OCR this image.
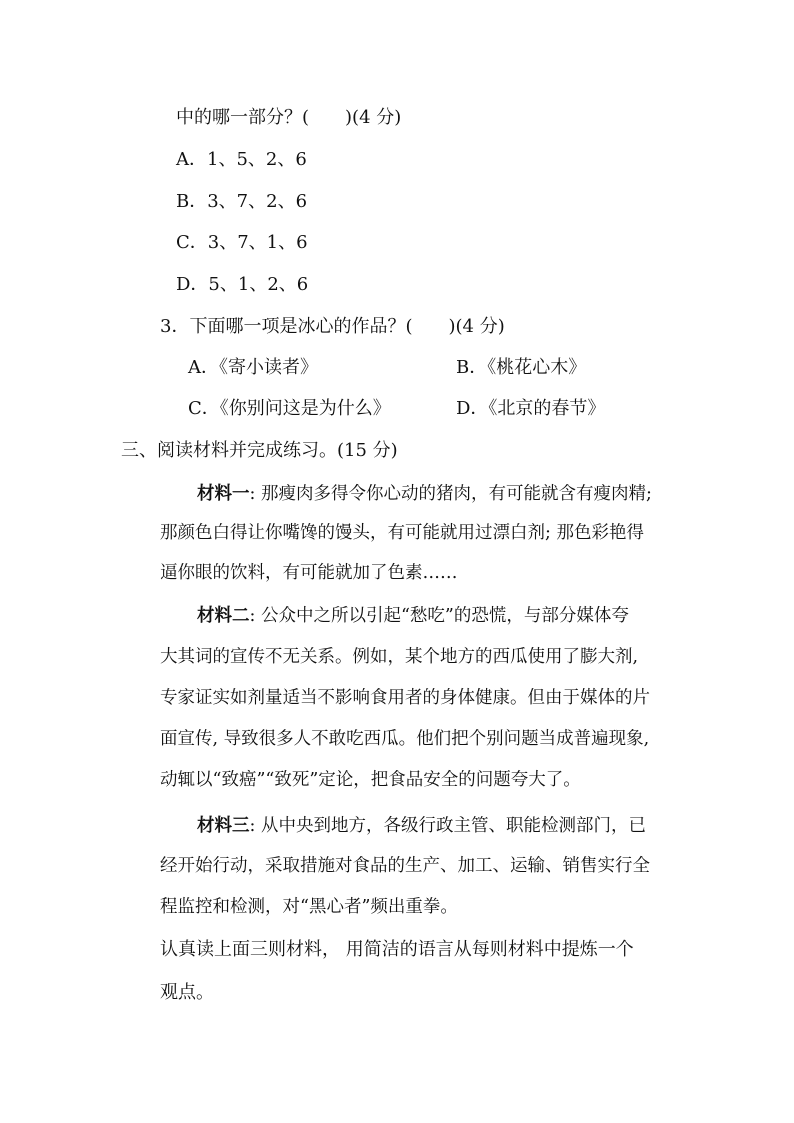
中的哪一部分？(　　)(4 分)
A．1、5、2、6
B．3、7、2、6
C．3、7、1、6
D．5、1、2、6
3．下面哪一项是冰心的作品？(　　)(4 分)
A．《寄小读者》	B．《桃花心木》
C．《你别问这是为什么》	D．《北京的春节》
三、阅读材料并完成练习。(15 分)
材料一: 那瘦肉多得令你心动的猪肉，有可能就含有瘦肉精;
那颜色白得让你嘴馋的馒头，有可能就用过漂白剂; 那色彩艳得
逼你眼的饮料，有可能就加了色素……
材料二: 公众中之所以引起“愁吃”的恐慌，与部分媒体夸
大其词的宣传不无关系。例如，某个地方的西瓜使用了膨大剂,
专家证实如剂量适当不影响食用者的身体健康。但由于媒体的片
面宣传, 导致很多人不敢吃西瓜。他们把个别问题当成普遍现象,
动辄以“致癌”“致死”定论，把食品安全的问题夸大了。
材料三: 从中央到地方，各级行政主管、职能检测部门，已
经开始行动，采取措施对食品的生产、加工、运输、销售实行全
程监控和检测，对“黑心者”频出重拳。
认真读上面三则材料， 用简洁的语言从每则材料中提炼一个
观点。
